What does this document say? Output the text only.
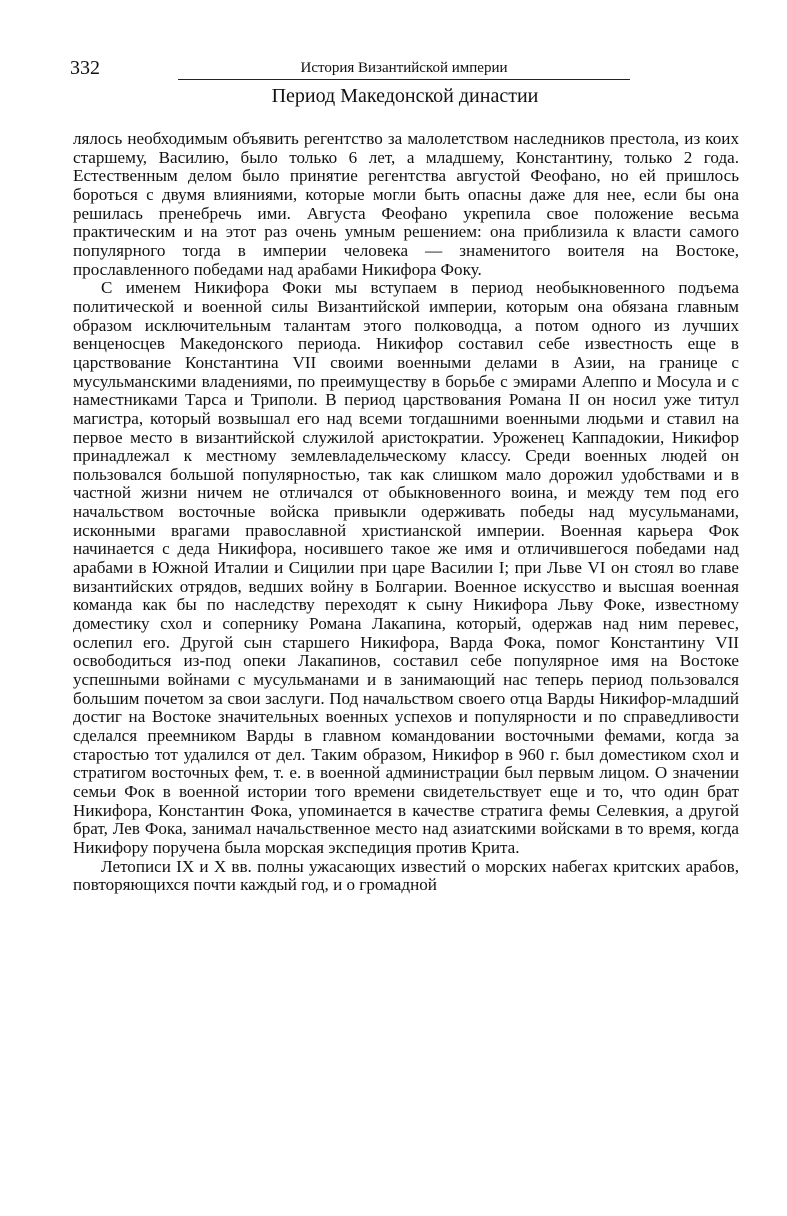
332	История Византийской империи
Период Македонской династии

лялось необходимым объявить регентство за малолетством наследников престола, из коих старшему, Василию, было только 6 лет, а младшему, Константину, только 2 года. Естественным делом было принятие регентства августой Феофано, но ей пришлось бороться с двумя влияниями, которые могли быть опасны даже для нее, если бы она решилась пренебречь ими. Августа Феофано укрепила свое положение весьма практическим и на этот раз очень умным решением: она приблизила к власти самого популярного тогда в империи человека — знаменитого воителя на Востоке, прославленного победами над арабами Никифора Фоку.

С именем Никифора Фоки мы вступаем в период необыкновенного подъема политической и военной силы Византийской империи, которым она обязана главным образом исключительным талантам этого полководца, а потом одного из лучших венценосцев Македонского периода. Никифор составил себе известность еще в царствование Константина VII своими военными делами в Азии, на границе с мусульманскими владениями, по преимуществу в борьбе с эмирами Алеппо и Мосула и с наместниками Тарса и Триполи. В период царствования Романа II он носил уже титул магистра, который возвышал его над всеми тогдашними военными людьми и ставил на первое место в византийской служилой аристократии. Уроженец Каппадокии, Никифор принадлежал к местному землевладельческому классу. Среди военных людей он пользовался большой популярностью, так как слишком мало дорожил удобствами и в частной жизни ничем не отличался от обыкновенного воина, и между тем под его начальством восточные войска привыкли одерживать победы над мусульманами, исконными врагами православной христианской империи. Военная карьера Фок начинается с деда Никифора, носившего такое же имя и отличившегося победами над арабами в Южной Италии и Сицилии при царе Василии I; при Льве VI он стоял во главе византийских отрядов, ведших войну в Болгарии. Военное искусство и высшая военная команда как бы по наследству переходят к сыну Никифора Льву Фоке, известному доместику схол и сопернику Романа Лакапина, который, одержав над ним перевес, ослепил его. Другой сын старшего Никифора, Варда Фока, помог Константину VII освободиться из-под опеки Лакапинов, составил себе популярное имя на Востоке успешными войнами с мусульманами и в занимающий нас теперь период пользовался большим почетом за свои заслуги. Под начальством своего отца Варды Никифор-младший достиг на Востоке значительных военных успехов и популярности и по справедливости сделался преемником Варды в главном командовании восточными фемами, когда за старостью тот удалился от дел. Таким образом, Никифор в 960 г. был доместиком схол и стратигом восточных фем, т. е. в военной администрации был первым лицом. О значении семьи Фок в военной истории того времени свидетельствует еще и то, что один брат Никифора, Константин Фока, упоминается в качестве стратига фемы Селевкия, а другой брат, Лев Фока, занимал начальственное место над азиатскими войсками в то время, когда Никифору поручена была морская экспедиция против Крита.

Летописи IX и X вв. полны ужасающих известий о морских набегах критских арабов, повторяющихся почти каждый год, и о громадной
